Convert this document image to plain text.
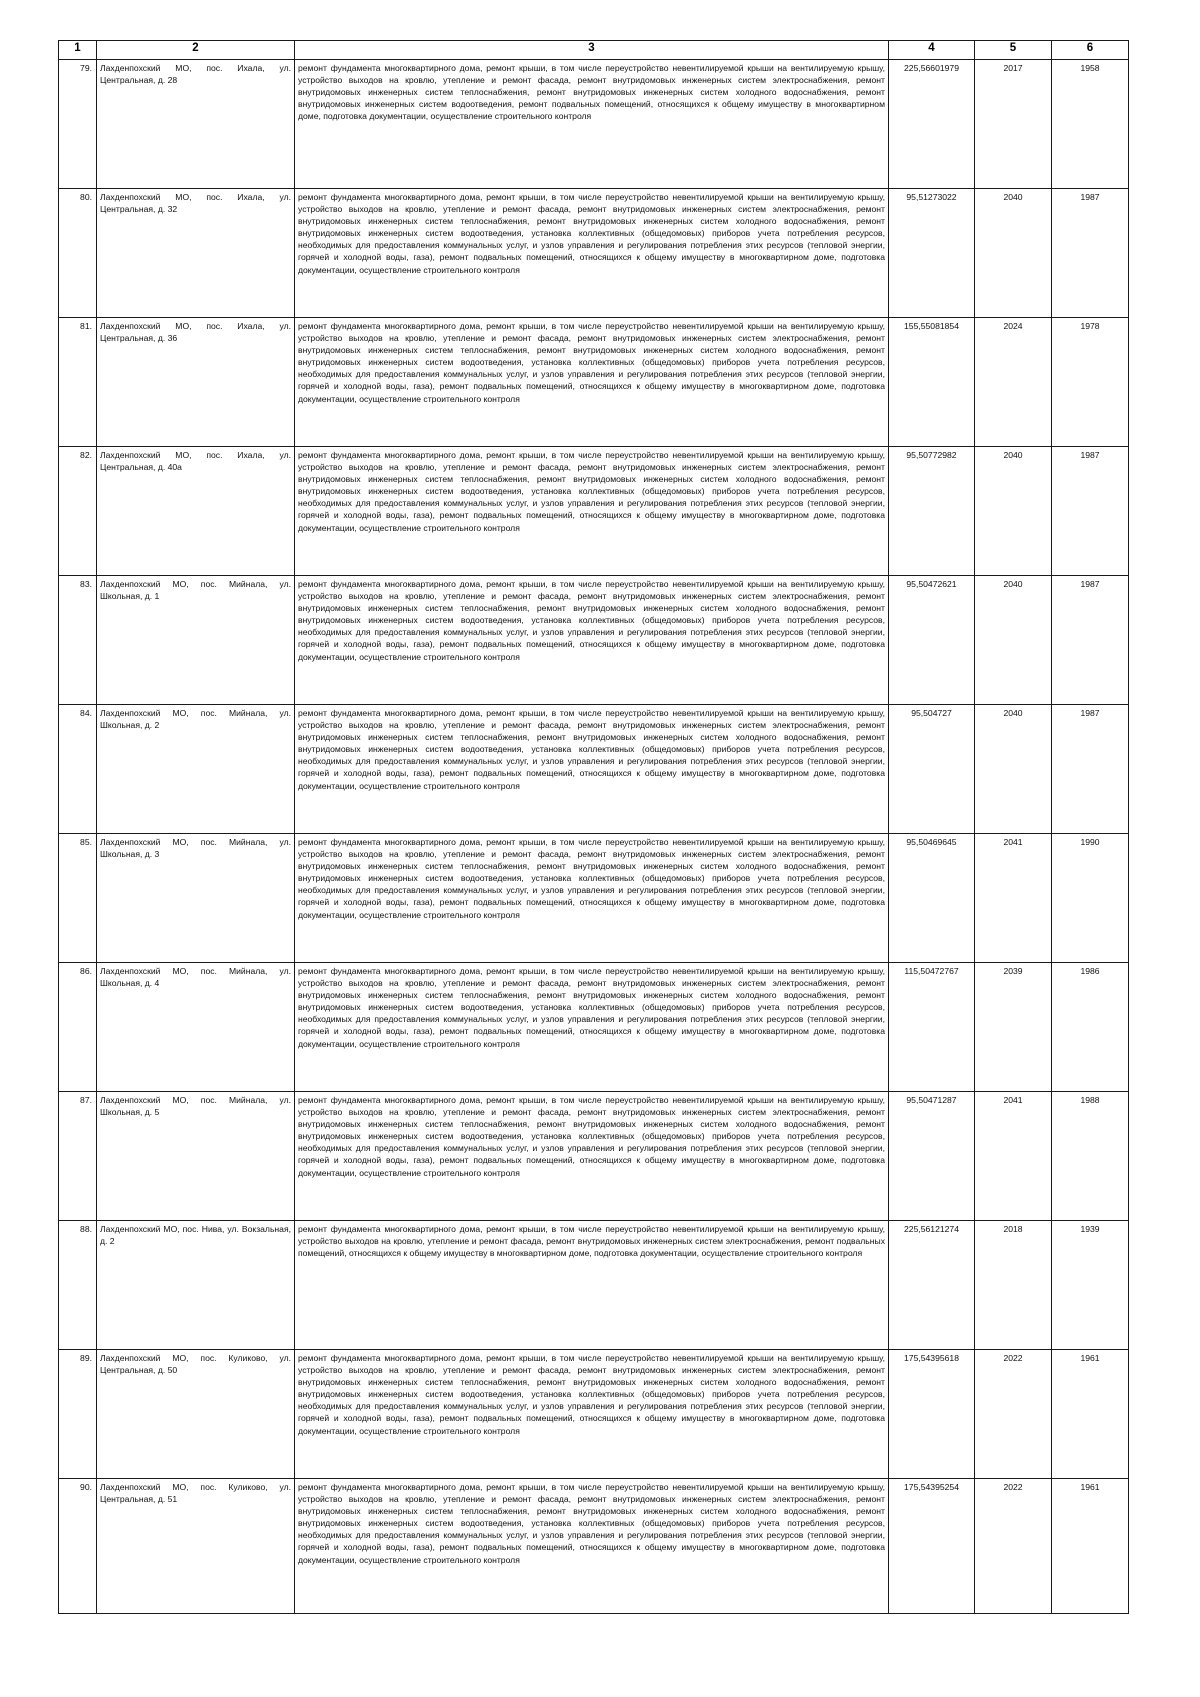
1	2	3	4	5	6
79.	Лахденпохский МО, пос. Ихала, ул. Центральная, д. 28	ремонт фундамента многоквартирного дома, ремонт крыши, в том числе переустройство невентилируемой крыши на вентилируемую крышу, устройство выходов на кровлю, утепление и ремонт фасада, ремонт внутридомовых инженерных систем электроснабжения, ремонт внутридомовых инженерных систем теплоснабжения, ремонт внутридомовых инженерных систем холодного водоснабжения, ремонт внутридомовых инженерных систем водоотведения, ремонт подвальных помещений, относящихся к общему имуществу в многоквартирном доме, подготовка документации, осуществление строительного контроля	225,56601979	2017	1958
80.	Лахденпохский МО, пос. Ихала, ул. Центральная, д. 32	ремонт фундамента многоквартирного дома, ремонт крыши, в том числе переустройство невентилируемой крыши на вентилируемую крышу, устройство выходов на кровлю, утепление и ремонт фасада, ремонт внутридомовых инженерных систем электроснабжения, ремонт внутридомовых инженерных систем теплоснабжения, ремонт внутридомовых инженерных систем холодного водоснабжения, ремонт внутридомовых инженерных систем водоотведения, установка коллективных (общедомовых) приборов учета потребления ресурсов, необходимых для предоставления коммунальных услуг, и узлов управления и регулирования потребления этих ресурсов (тепловой энергии, горячей и холодной воды, газа), ремонт подвальных помещений, относящихся к общему имуществу в многоквартирном доме, подготовка документации, осуществление строительного контроля	95,51273022	2040	1987
81.	Лахденпохский МО, пос. Ихала, ул. Центральная, д. 36	ремонт фундамента многоквартирного дома, ремонт крыши, в том числе переустройство невентилируемой крыши на вентилируемую крышу, устройство выходов на кровлю, утепление и ремонт фасада, ремонт внутридомовых инженерных систем электроснабжения, ремонт внутридомовых инженерных систем теплоснабжения, ремонт внутридомовых инженерных систем холодного водоснабжения, ремонт внутридомовых инженерных систем водоотведения, установка коллективных (общедомовых) приборов учета потребления ресурсов, необходимых для предоставления коммунальных услуг, и узлов управления и регулирования потребления этих ресурсов (тепловой энергии, горячей и холодной воды, газа), ремонт подвальных помещений, относящихся к общему имуществу в многоквартирном доме, подготовка документации, осуществление строительного контроля	155,55081854	2024	1978
82.	Лахденпохский МО, пос. Ихала, ул. Центральная, д. 40а	ремонт фундамента многоквартирного дома, ремонт крыши, в том числе переустройство невентилируемой крыши на вентилируемую крышу, устройство выходов на кровлю, утепление и ремонт фасада, ремонт внутридомовых инженерных систем электроснабжения, ремонт внутридомовых инженерных систем теплоснабжения, ремонт внутридомовых инженерных систем холодного водоснабжения, ремонт внутридомовых инженерных систем водоотведения, установка коллективных (общедомовых) приборов учета потребления ресурсов, необходимых для предоставления коммунальных услуг, и узлов управления и регулирования потребления этих ресурсов (тепловой энергии, горячей и холодной воды, газа), ремонт подвальных помещений, относящихся к общему имуществу в многоквартирном доме, подготовка документации, осуществление строительного контроля	95,50772982	2040	1987
83.	Лахденпохский МО, пос. Мийнала, ул. Школьная, д. 1	ремонт фундамента многоквартирного дома, ремонт крыши, в том числе переустройство невентилируемой крыши на вентилируемую крышу, устройство выходов на кровлю, утепление и ремонт фасада, ремонт внутридомовых инженерных систем электроснабжения, ремонт внутридомовых инженерных систем теплоснабжения, ремонт внутридомовых инженерных систем холодного водоснабжения, ремонт внутридомовых инженерных систем водоотведения, установка коллективных (общедомовых) приборов учета потребления ресурсов, необходимых для предоставления коммунальных услуг, и узлов управления и регулирования потребления этих ресурсов (тепловой энергии, горячей и холодной воды, газа), ремонт подвальных помещений, относящихся к общему имуществу в многоквартирном доме, подготовка документации, осуществление строительного контроля	95,50472621	2040	1987
84.	Лахденпохский МО, пос. Мийнала, ул. Школьная, д. 2	ремонт фундамента многоквартирного дома, ремонт крыши, в том числе переустройство невентилируемой крыши на вентилируемую крышу, устройство выходов на кровлю, утепление и ремонт фасада, ремонт внутридомовых инженерных систем электроснабжения, ремонт внутридомовых инженерных систем теплоснабжения, ремонт внутридомовых инженерных систем холодного водоснабжения, ремонт внутридомовых инженерных систем водоотведения, установка коллективных (общедомовых) приборов учета потребления ресурсов, необходимых для предоставления коммунальных услуг, и узлов управления и регулирования потребления этих ресурсов (тепловой энергии, горячей и холодной воды, газа), ремонт подвальных помещений, относящихся к общему имуществу в многоквартирном доме, подготовка документации, осуществление строительного контроля	95,504727	2040	1987
85.	Лахденпохский МО, пос. Мийнала, ул. Школьная, д. 3	ремонт фундамента многоквартирного дома, ремонт крыши, в том числе переустройство невентилируемой крыши на вентилируемую крышу, устройство выходов на кровлю, утепление и ремонт фасада, ремонт внутридомовых инженерных систем электроснабжения, ремонт внутридомовых инженерных систем теплоснабжения, ремонт внутридомовых инженерных систем холодного водоснабжения, ремонт внутридомовых инженерных систем водоотведения, установка коллективных (общедомовых) приборов учета потребления ресурсов, необходимых для предоставления коммунальных услуг, и узлов управления и регулирования потребления этих ресурсов (тепловой энергии, горячей и холодной воды, газа), ремонт подвальных помещений, относящихся к общему имуществу в многоквартирном доме, подготовка документации, осуществление строительного контроля	95,50469645	2041	1990
86.	Лахденпохский МО, пос. Мийнала, ул. Школьная, д. 4	ремонт фундамента многоквартирного дома, ремонт крыши, в том числе переустройство невентилируемой крыши на вентилируемую крышу, устройство выходов на кровлю, утепление и ремонт фасада, ремонт внутридомовых инженерных систем электроснабжения, ремонт внутридомовых инженерных систем теплоснабжения, ремонт внутридомовых инженерных систем холодного водоснабжения, ремонт внутридомовых инженерных систем водоотведения, установка коллективных (общедомовых) приборов учета потребления ресурсов, необходимых для предоставления коммунальных услуг, и узлов управления и регулирования потребления этих ресурсов (тепловой энергии, горячей и холодной воды, газа), ремонт подвальных помещений, относящихся к общему имуществу в многоквартирном доме, подготовка документации, осуществление строительного контроля	115,50472767	2039	1986
87.	Лахденпохский МО, пос. Мийнала, ул. Школьная, д. 5	ремонт фундамента многоквартирного дома, ремонт крыши, в том числе переустройство невентилируемой крыши на вентилируемую крышу, устройство выходов на кровлю, утепление и ремонт фасада, ремонт внутридомовых инженерных систем электроснабжения, ремонт внутридомовых инженерных систем теплоснабжения, ремонт внутридомовых инженерных систем холодного водоснабжения, ремонт внутридомовых инженерных систем водоотведения, установка коллективных (общедомовых) приборов учета потребления ресурсов, необходимых для предоставления коммунальных услуг, и узлов управления и регулирования потребления этих ресурсов (тепловой энергии, горячей и холодной воды, газа), ремонт подвальных помещений, относящихся к общему имуществу в многоквартирном доме, подготовка документации, осуществление строительного контроля	95,50471287	2041	1988
88.	Лахденпохский МО, пос. Нива, ул. Вокзальная, д. 2	ремонт фундамента многоквартирного дома, ремонт крыши, в том числе переустройство невентилируемой крыши на вентилируемую крышу, устройство выходов на кровлю, утепление и ремонт фасада, ремонт внутридомовых инженерных систем электроснабжения, ремонт подвальных помещений, относящихся к общему имуществу в многоквартирном доме, подготовка документации, осуществление строительного контроля	225,56121274	2018	1939
89.	Лахденпохский МО, пос. Куликово, ул. Центральная, д. 50	ремонт фундамента многоквартирного дома, ремонт крыши, в том числе переустройство невентилируемой крыши на вентилируемую крышу, устройство выходов на кровлю, утепление и ремонт фасада, ремонт внутридомовых инженерных систем электроснабжения, ремонт внутридомовых инженерных систем теплоснабжения, ремонт внутридомовых инженерных систем холодного водоснабжения, ремонт внутридомовых инженерных систем водоотведения, установка коллективных (общедомовых) приборов учета потребления ресурсов, необходимых для предоставления коммунальных услуг, и узлов управления и регулирования потребления этих ресурсов (тепловой энергии, горячей и холодной воды, газа), ремонт подвальных помещений, относящихся к общему имуществу в многоквартирном доме, подготовка документации, осуществление строительного контроля	175,54395618	2022	1961
90.	Лахденпохский МО, пос. Куликово, ул. Центральная, д. 51	ремонт фундамента многоквартирного дома, ремонт крыши, в том числе переустройство невентилируемой крыши на вентилируемую крышу, устройство выходов на кровлю, утепление и ремонт фасада, ремонт внутридомовых инженерных систем электроснабжения, ремонт внутридомовых инженерных систем теплоснабжения, ремонт внутридомовых инженерных систем холодного водоснабжения, ремонт внутридомовых инженерных систем водоотведения, установка коллективных (общедомовых) приборов учета потребления ресурсов, необходимых для предоставления коммунальных услуг, и узлов управления и регулирования потребления этих ресурсов (тепловой энергии, горячей и холодной воды, газа), ремонт подвальных помещений, относящихся к общему имуществу в многоквартирном доме, подготовка документации, осуществление строительного контроля	175,54395254	2022	1961
